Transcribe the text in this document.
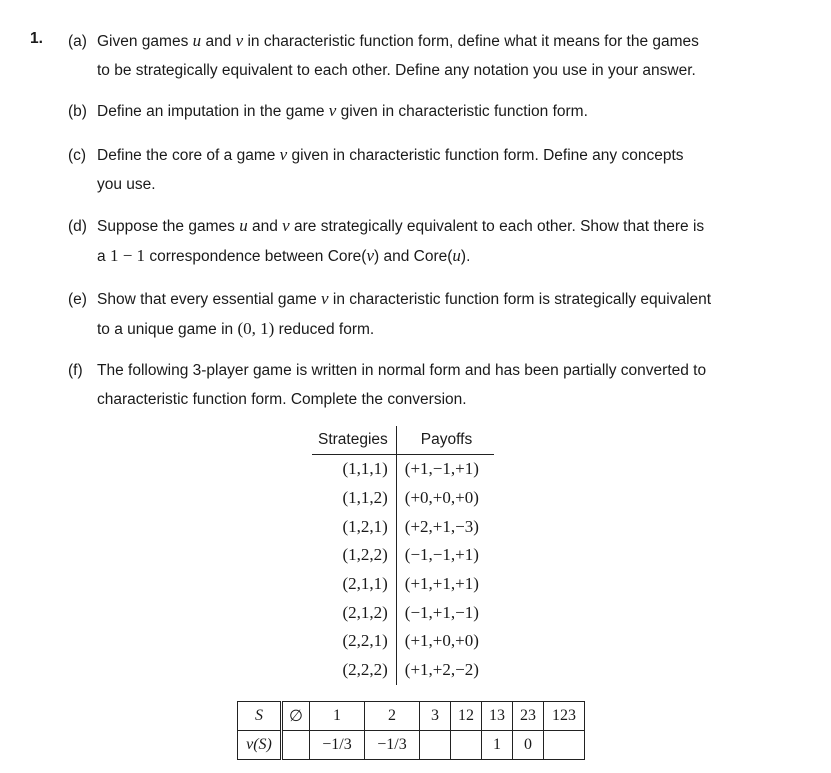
1. (a) Given games u and v in characteristic function form, define what it means for the games
to be strategically equivalent to each other. Define any notation you use in your answer.
(b) Define an imputation in the game v given in characteristic function form.
(c) Define the core of a game v given in characteristic function form. Define any concepts
you use.
(d) Suppose the games u and v are strategically equivalent to each other. Show that there is
a 1 − 1 correspondence between Core(v) and Core(u).
(e) Show that every essential game v in characteristic function form is strategically equivalent
to a unique game in (0, 1) reduced form.
(f) The following 3-player game is written in normal form and has been partially converted to
characteristic function form. Complete the conversion.
Strategies	Payoffs
(1,1,1)	(+1,−1,+1)
(1,1,2)	(+0,+0,+0)
(1,2,1)	(+2,+1,−3)
(1,2,2)	(−1,−1,+1)
(2,1,1)	(+1,+1,+1)
(2,1,2)	(−1,+1,−1)
(2,2,1)	(+1,+0,+0)
(2,2,2)	(+1,+2,−2)
S	∅	1	2	3	12	13	23	123
v(S)		−1/3	−1/3			1	0	
